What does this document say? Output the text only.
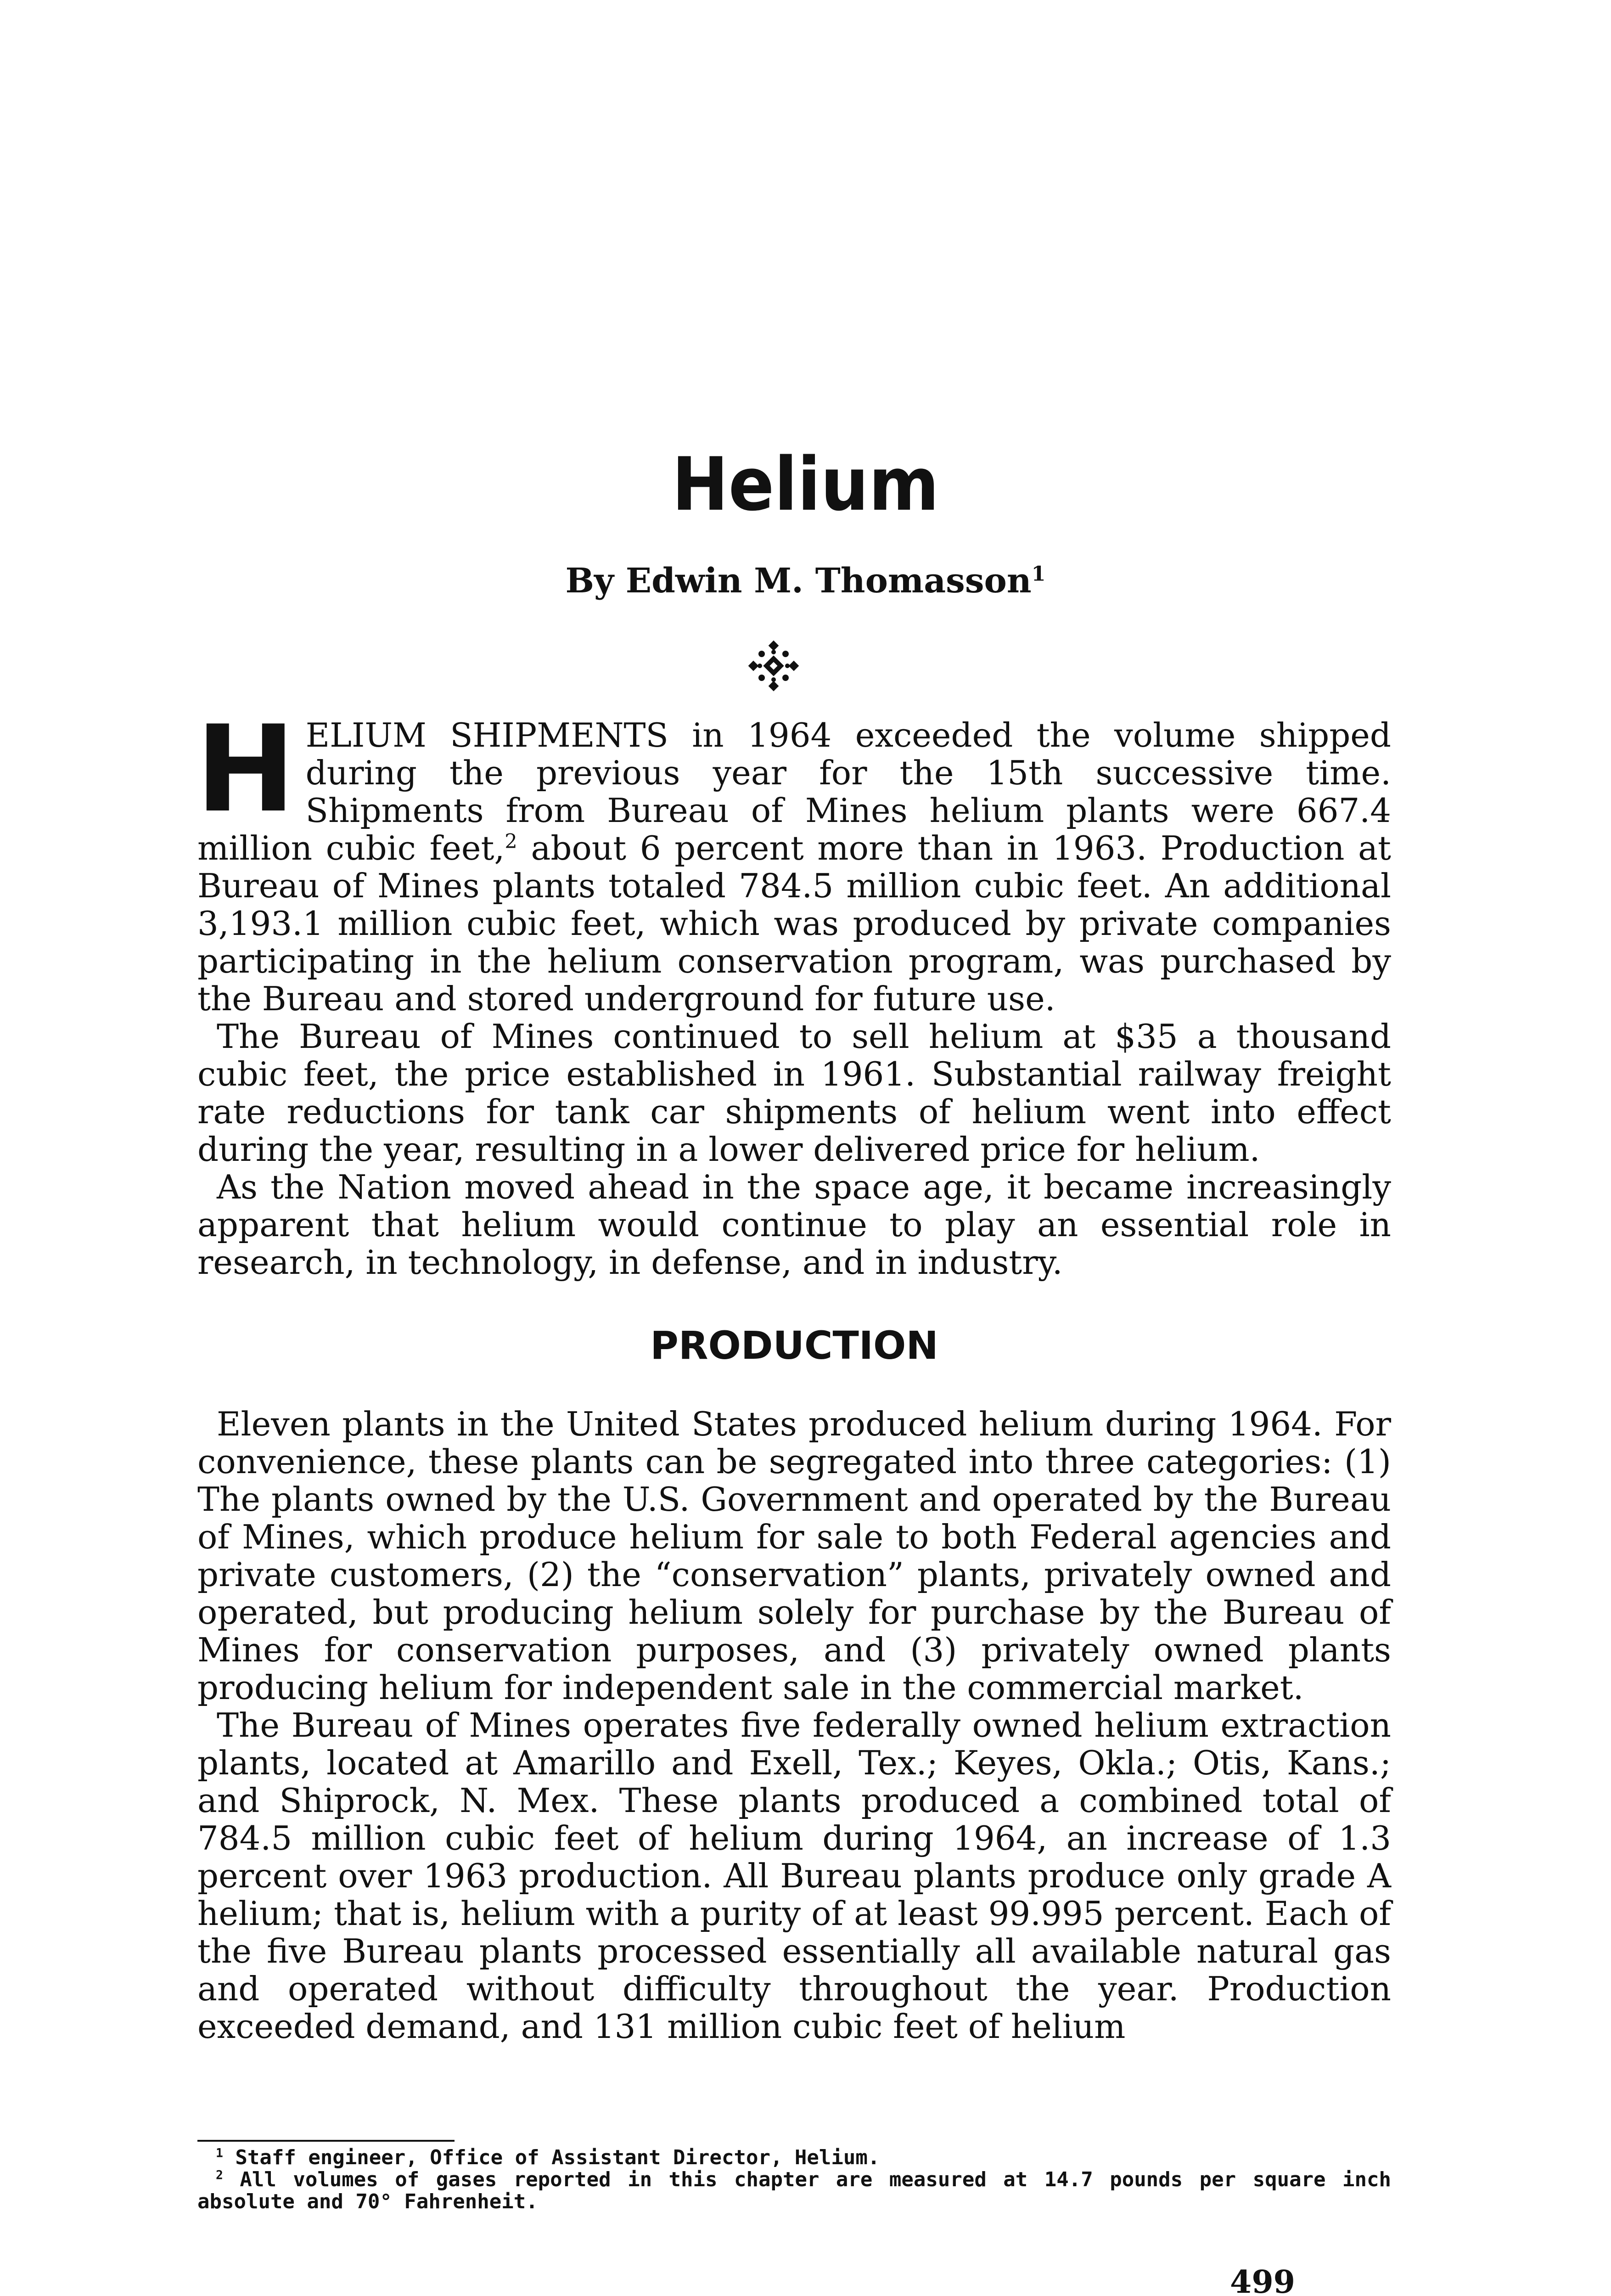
Helium
By Edwin M. Thomasson$^1$

HELIUM SHIPMENTS in 1964 exceeded the volume shipped during the previous year for the 15th successive time. Shipments from Bureau of Mines helium plants were 667.4 million cubic feet,$^2$ about 6 percent more than in 1963. Production at Bureau of Mines plants totaled 784.5 million cubic feet. An additional 3,193.1 million cubic feet, which was produced by private companies participating in the helium conservation program, was purchased by the Bureau and stored underground for future use.

The Bureau of Mines continued to sell helium at $35 a thousand cubic feet, the price established in 1961. Substantial railway freight rate reductions for tank car shipments of helium went into effect during the year, resulting in a lower delivered price for helium.

As the Nation moved ahead in the space age, it became increasingly apparent that helium would continue to play an essential role in research, in technology, in defense, and in industry.

PRODUCTION

Eleven plants in the United States produced helium during 1964. For convenience, these plants can be segregated into three categories: (1) The plants owned by the U.S. Government and operated by the Bureau of Mines, which produce helium for sale to both Federal agencies and private customers, (2) the “conservation” plants, privately owned and operated, but producing helium solely for purchase by the Bureau of Mines for conservation purposes, and (3) privately owned plants producing helium for independent sale in the commercial market.

The Bureau of Mines operates five federally owned helium extraction plants, located at Amarillo and Exell, Tex.; Keyes, Okla.; Otis, Kans.; and Shiprock, N. Mex. These plants produced a combined total of 784.5 million cubic feet of helium during 1964, an increase of 1.3 percent over 1963 production. All Bureau plants produce only grade A helium; that is, helium with a purity of at least 99.995 percent. Each of the five Bureau plants processed essentially all available natural gas and operated without difficulty throughout the year. Production exceeded demand, and 131 million cubic feet of helium

$^1$ Staff engineer, Office of Assistant Director, Helium.

$^2$ All volumes of gases reported in this chapter are measured at 14.7 pounds per square inch absolute and 70° Fahrenheit.

499
